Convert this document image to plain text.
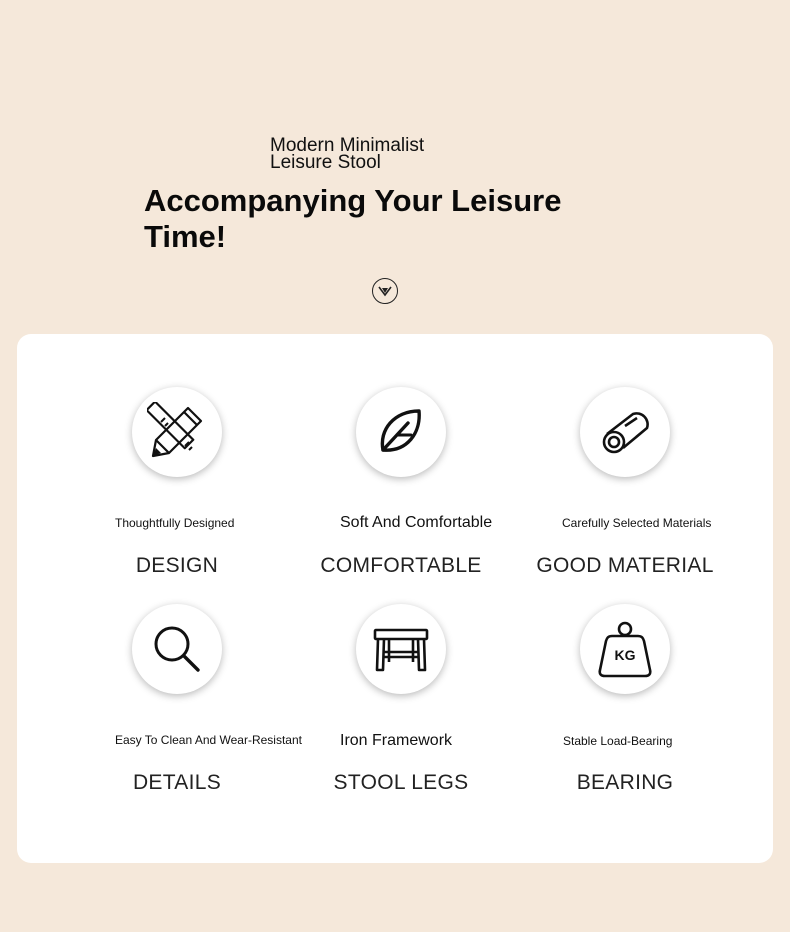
Modern Minimalist
Leisure Stool
Accompanying Your Leisure
Time!
Thoughtfully Designed
DESIGN
Soft And Comfortable
COMFORTABLE
Carefully Selected Materials
GOOD MATERIAL
Easy To Clean And Wear-Resistant
DETAILS
Iron Framework
STOOL LEGS
KG
Stable Load-Bearing
BEARING
